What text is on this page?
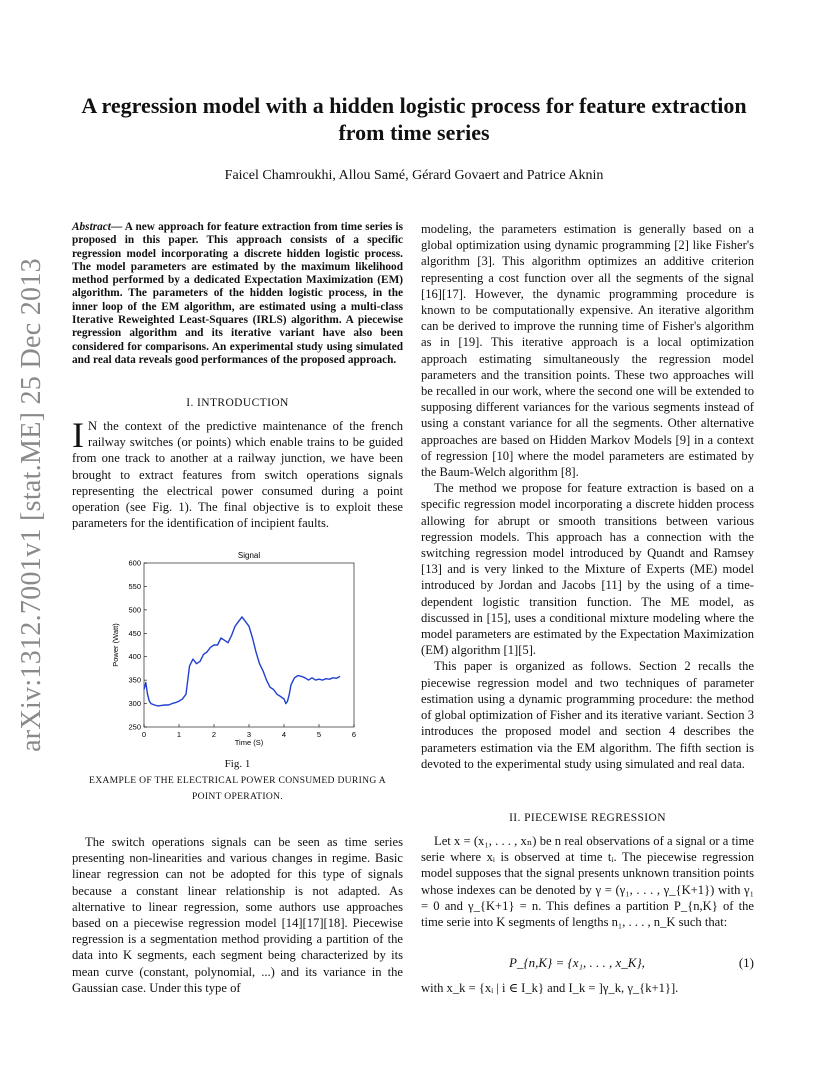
arXiv:1312.7001v1 [stat.ME] 25 Dec 2013
A regression model with a hidden logistic process for feature extraction from time series
Faicel Chamroukhi, Allou Samé, Gérard Govaert and Patrice Aknin
Abstract— A new approach for feature extraction from time series is proposed in this paper. This approach consists of a specific regression model incorporating a discrete hidden logistic process. The model parameters are estimated by the maximum likelihood method performed by a dedicated Expectation Maximization (EM) algorithm. The parameters of the hidden logistic process, in the inner loop of the EM algorithm, are estimated using a multi-class Iterative Reweighted Least-Squares (IRLS) algorithm. A piecewise regression algorithm and its iterative variant have also been considered for comparisons. An experimental study using simulated and real data reveals good performances of the proposed approach.
I. INTRODUCTION
I N the context of the predictive maintenance of the french railway switches (or points) which enable trains to be guided from one track to another at a railway junction, we have been brought to extract features from switch operations signals representing the electrical power consumed during a point operation (see Fig. 1). The final objective is to exploit these parameters for the identification of incipient faults.
0	1	2	3	4	5	6
250
300
350
400
450
500
550
600
Signal
Time (S)
Power (Watt)
Fig. 1
EXAMPLE OF THE ELECTRICAL POWER CONSUMED DURING A POINT OPERATION.

The switch operations signals can be seen as time series presenting non-linearities and various changes in regime. Basic linear regression can not be adopted for this type of signals because a constant linear relationship is not adapted. As alternative to linear regression, some authors use approaches based on a piecewise regression model [14][17][18]. Piecewise regression is a segmentation method providing a partition of the data into K segments, each segment being characterized by its mean curve (constant, polynomial, ...) and its variance in the Gaussian case. Under this type of

modeling, the parameters estimation is generally based on a global optimization using dynamic programming [2] like Fisher's algorithm [3]. This algorithm optimizes an additive criterion representing a cost function over all the segments of the signal [16][17]. However, the dynamic programming procedure is known to be computationally expensive. An iterative algorithm can be derived to improve the running time of Fisher's algorithm as in [19]. This iterative approach is a local optimization approach estimating simultaneously the regression model parameters and the transition points. These two approaches will be recalled in our work, where the second one will be extended to supposing different variances for the various segments instead of using a constant variance for all the segments. Other alternative approaches are based on Hidden Markov Models [9] in a context of regression [10] where the model parameters are estimated by the Baum-Welch algorithm [8].

The method we propose for feature extraction is based on a specific regression model incorporating a discrete hidden process allowing for abrupt or smooth transitions between various regression models. This approach has a connection with the switching regression model introduced by Quandt and Ramsey [13] and is very linked to the Mixture of Experts (ME) model introduced by Jordan and Jacobs [11] by the using of a time-dependent logistic transition function. The ME model, as discussed in [15], uses a conditional mixture modeling where the model parameters are estimated by the Expectation Maximization (EM) algorithm [1][5].

This paper is organized as follows. Section 2 recalls the piecewise regression model and two techniques of parameter estimation using a dynamic programming procedure: the method of global optimization of Fisher and its iterative variant. Section 3 introduces the proposed model and section 4 describes the parameters estimation via the EM algorithm. The fifth section is devoted to the experimental study using simulated and real data.

II. PIECEWISE REGRESSION

Let x = (x₁, . . . , xₙ) be n real observations of a signal or a time serie where xᵢ is observed at time tᵢ. The piecewise regression model supposes that the signal presents unknown transition points whose indexes can be denoted by γ = (γ₁, . . . , γ_{K+1}) with γ₁ = 0 and γ_{K+1} = n. This defines a partition P_{n,K} of the time serie into K segments of lengths n₁, . . . , n_K such that:

P_{n,K} = {x₁, . . . , x_K},	(1)
with x_k = {xᵢ | i ∈ I_k} and I_k = ]γ_k, γ_{k+1}].
